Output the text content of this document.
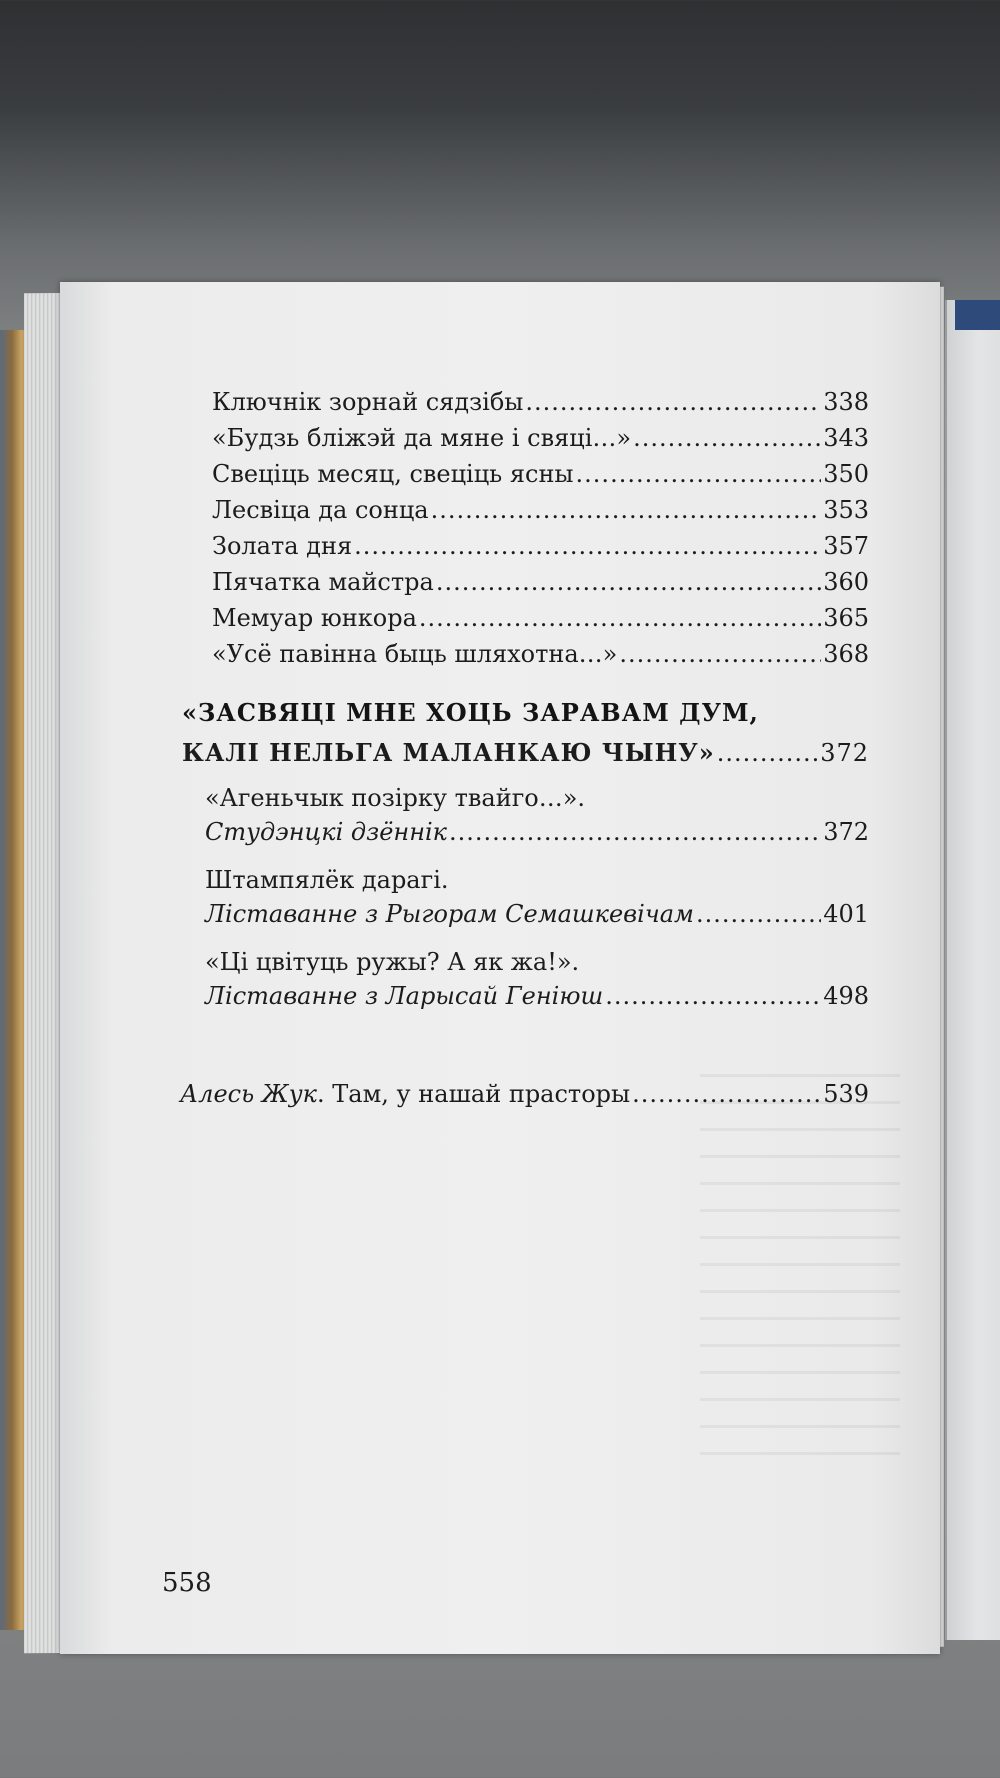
Ключнік зорнай сядзібы .....	338
«Будзь бліжэй да мяне і свяці…» .....	343
Свеціць месяц, свеціць ясны .....	350
Лесвіца да сонца .....	353
Золата дня .....	357
Пячатка майстра .....	360
Мемуар юнкора .....	365
«Усё павінна быць шляхотна…» .....	368
«ЗАСВЯЦІ МНЕ ХОЦЬ ЗАРАВАМ ДУМ,
КАЛІ НЕЛЬГА МАЛАНКАЮ ЧЫНУ» .....	372
«Агеньчык позірку твайго…».
Студэнцкі дзённік .....	372
Штампялёк дарагі.
Ліставанне з Рыгорам Семашкевічам .....	401
«Ці цвітуць ружы? А як жа!».
Ліставанне з Ларысай Геніюш .....	498
Алесь Жук. Там, у нашай прасторы .....	539
558
